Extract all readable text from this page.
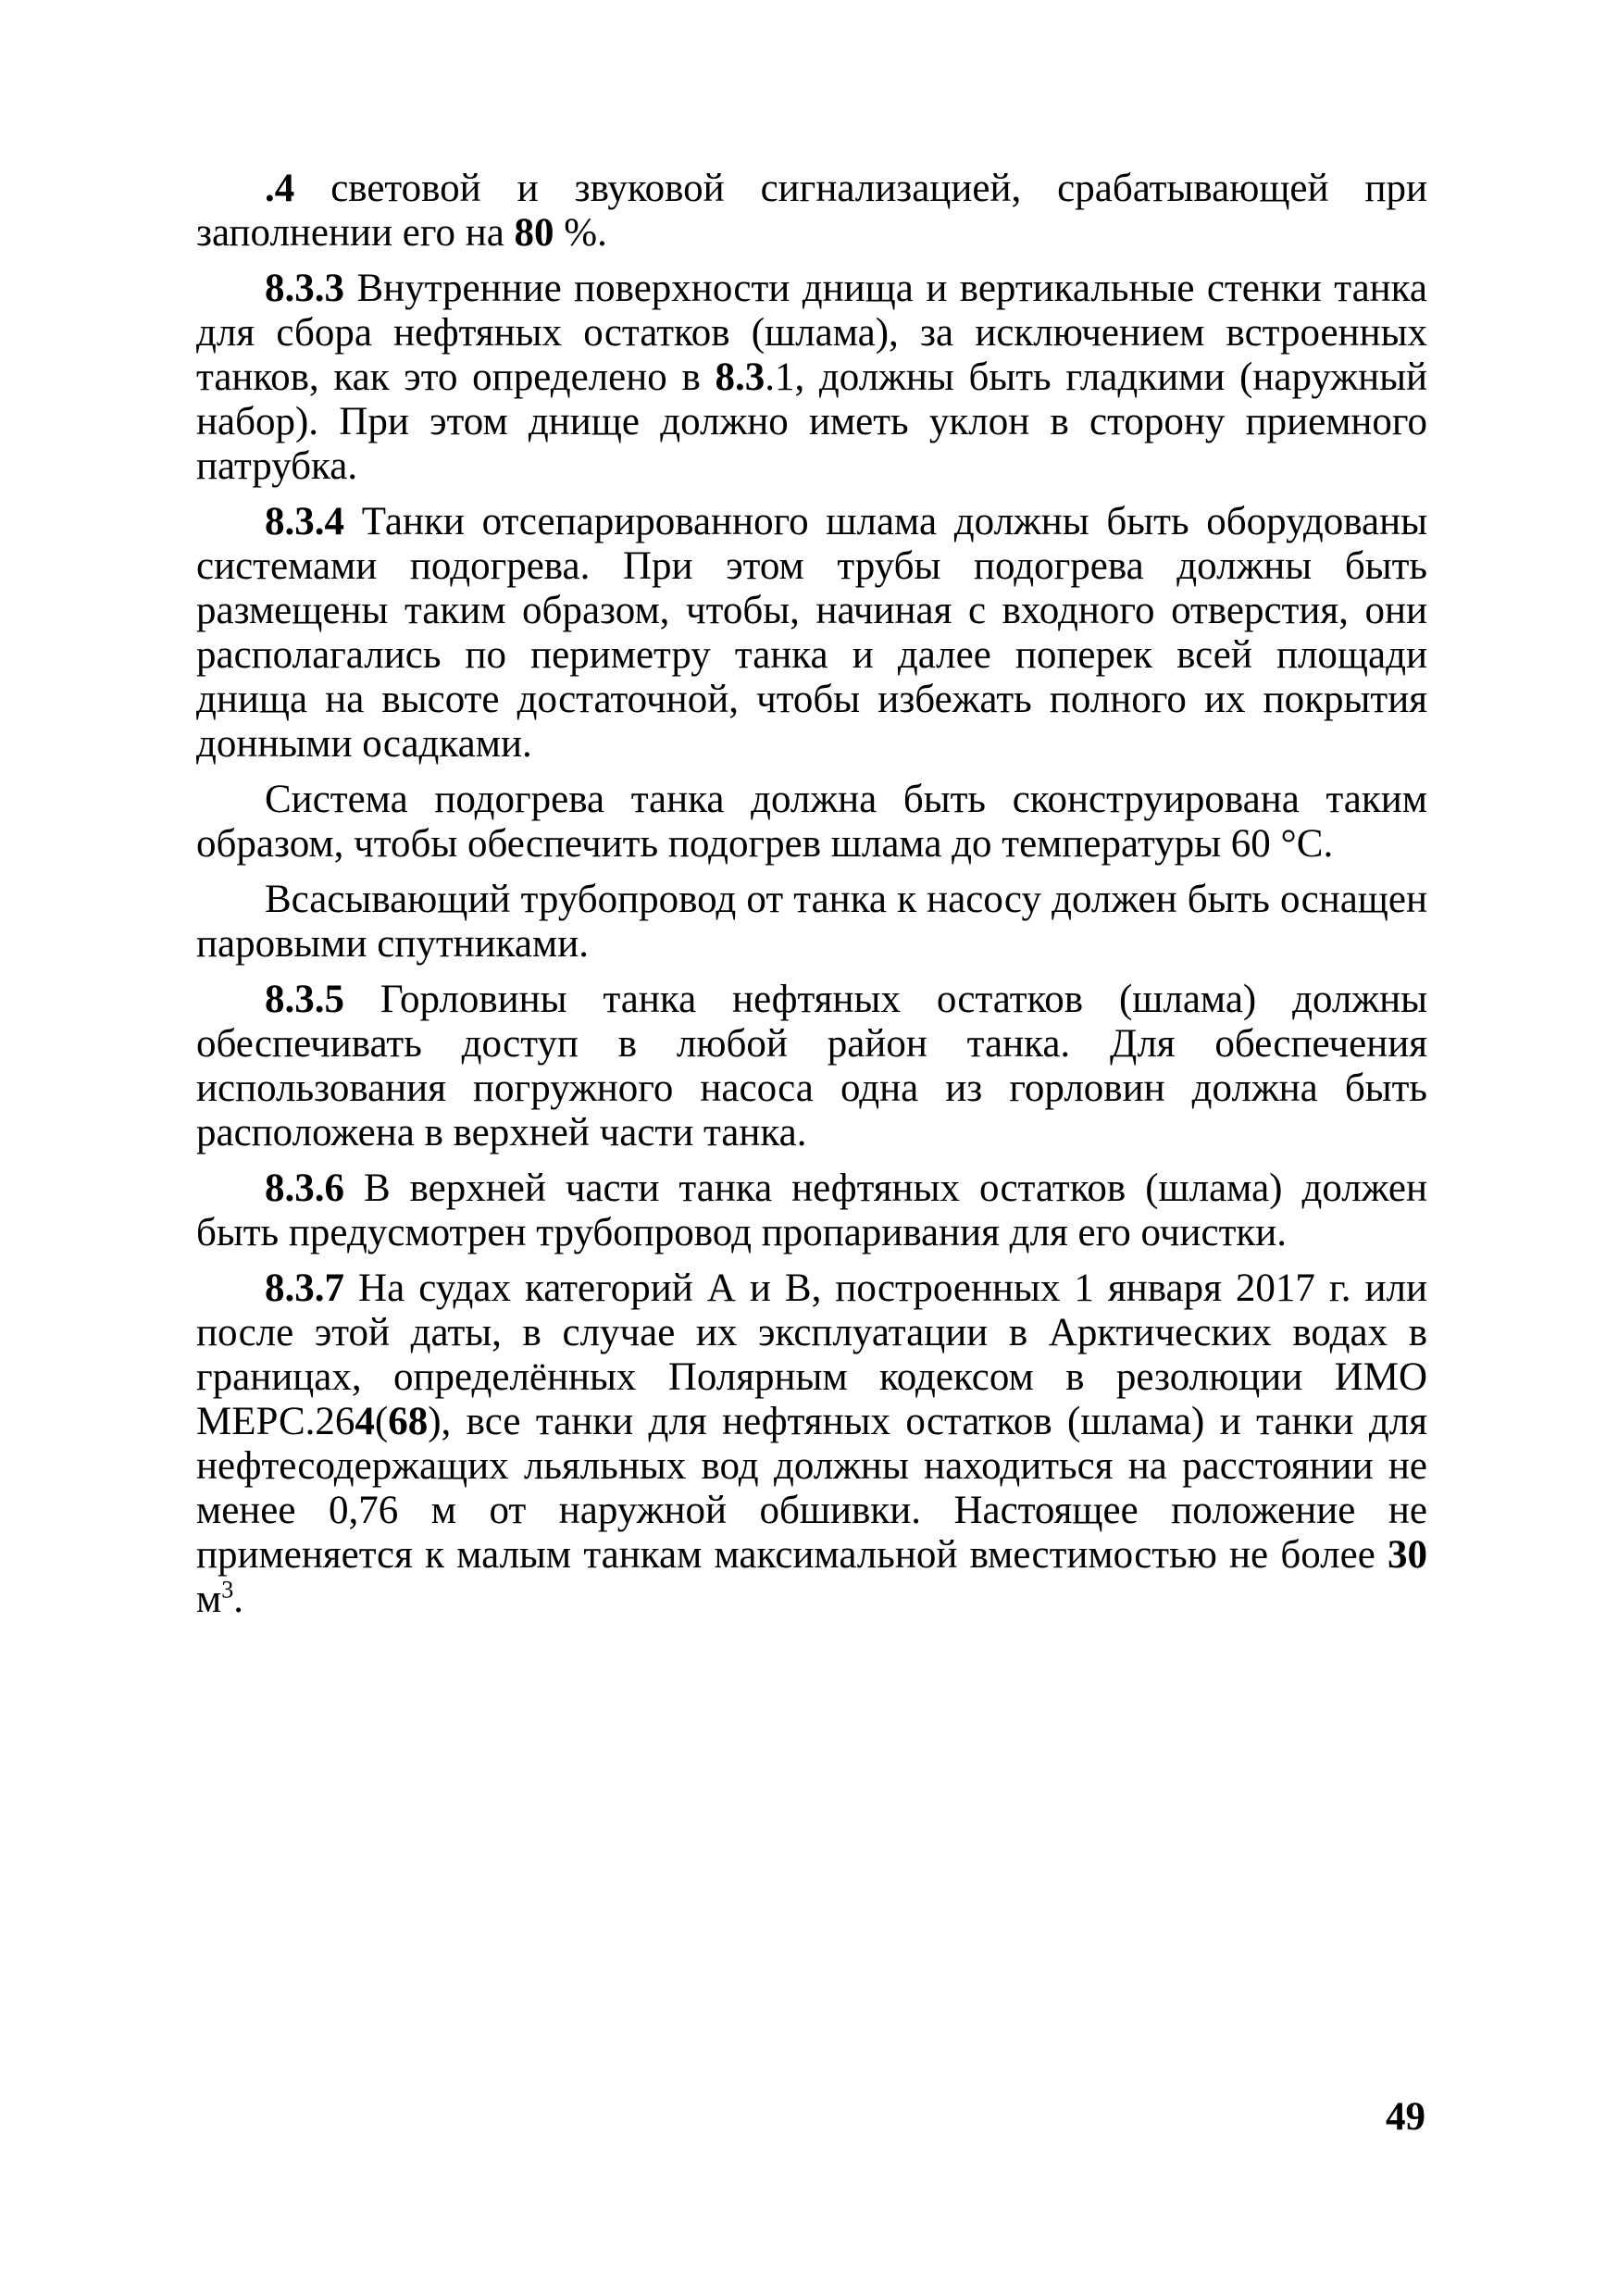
.4 световой и звуковой сигнализацией, срабатывающей при заполнении его на 80 %.

8.3.3 Внутренние поверхности днища и вертикальные стенки танка для сбора нефтяных остатков (шлама), за исключением встроенных танков, как это определено в 8.3.1, должны быть гладкими (наружный набор). При этом днище должно иметь уклон в сторону приемного патрубка.

8.3.4 Танки отсепарированного шлама должны быть оборудованы системами подогрева. При этом трубы подогрева должны быть размещены таким образом, чтобы, начиная с входного отверстия, они располагались по периметру танка и далее поперек всей площади днища на высоте достаточной, чтобы избежать полного их покрытия донными осадками.

Система подогрева танка должна быть сконструирована таким образом, чтобы обеспечить подогрев шлама до температуры 60 °С.

Всасывающий трубопровод от танка к насосу должен быть оснащен паровыми спутниками.

8.3.5 Горловины танка нефтяных остатков (шлама) должны обеспечивать доступ в любой район танка. Для обеспечения использования погружного насоса одна из горловин должна быть расположена в верхней части танка.

8.3.6 В верхней части танка нефтяных остатков (шлама) должен быть предусмотрен трубопровод пропаривания для его очистки.

8.3.7 На судах категорий А и В, построенных 1 января 2017 г. или после этой даты, в случае их эксплуатации в Арктических водах в границах, определённых Полярным кодексом в резолюции ИМО МЕРС.264(68), все танки для нефтяных остатков (шлама) и танки для нефтесодержащих льяльных вод должны находиться на расстоянии не менее 0,76 м от наружной обшивки. Настоящее положение не применяется к малым танкам максимальной вместимостью не более 30 $м^3$.

49
